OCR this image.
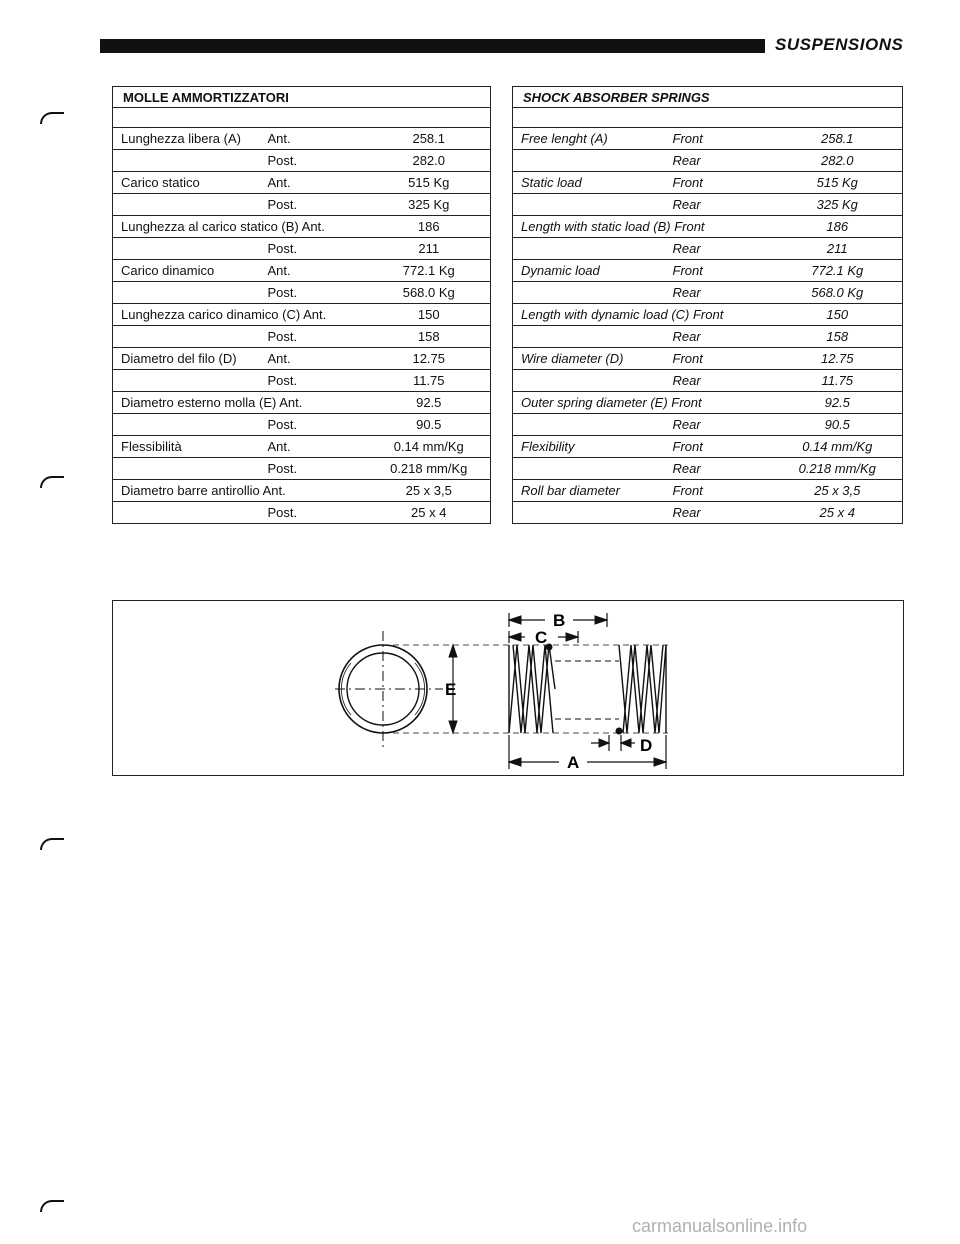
SUSPENSIONS
MOLLE AMMORTIZZATORI		

Lunghezza libera (A)	Ant.	258.1
	Post.	282.0
Carico statico	Ant.	515 Kg
	Post.	325 Kg
Lunghezza al carico statico (B) Ant.		186
	Post.	211
Carico dinamico	Ant.	772.1 Kg
	Post.	568.0 Kg
Lunghezza carico dinamico (C) Ant.		150
	Post.	158
Diametro del filo (D)	Ant.	12.75
	Post.	11.75
Diametro esterno molla (E) Ant.		92.5
	Post.	90.5
Flessibilità	Ant.	0.14 mm/Kg
	Post.	0.218 mm/Kg
Diametro barre antirollio Ant.		25 x 3,5
	Post.	25 x 4
SHOCK ABSORBER SPRINGS		

Free lenght (A)	Front	258.1
	Rear	282.0
Static load	Front	515 Kg
	Rear	325 Kg
Length with static load (B) Front		186
	Rear	211
Dynamic load	Front	772.1 Kg
	Rear	568.0 Kg
Length with dynamic load (C) Front		150
	Rear	158
Wire diameter (D)	Front	12.75
	Rear	11.75
Outer spring diameter (E) Front		92.5
	Rear	90.5
Flexibility	Front	0.14 mm/Kg
	Rear	0.218 mm/Kg
Roll bar diameter	Front	25 x 3,5
	Rear	25 x 4
E
B
C
D
A
carmanualsonline.info
